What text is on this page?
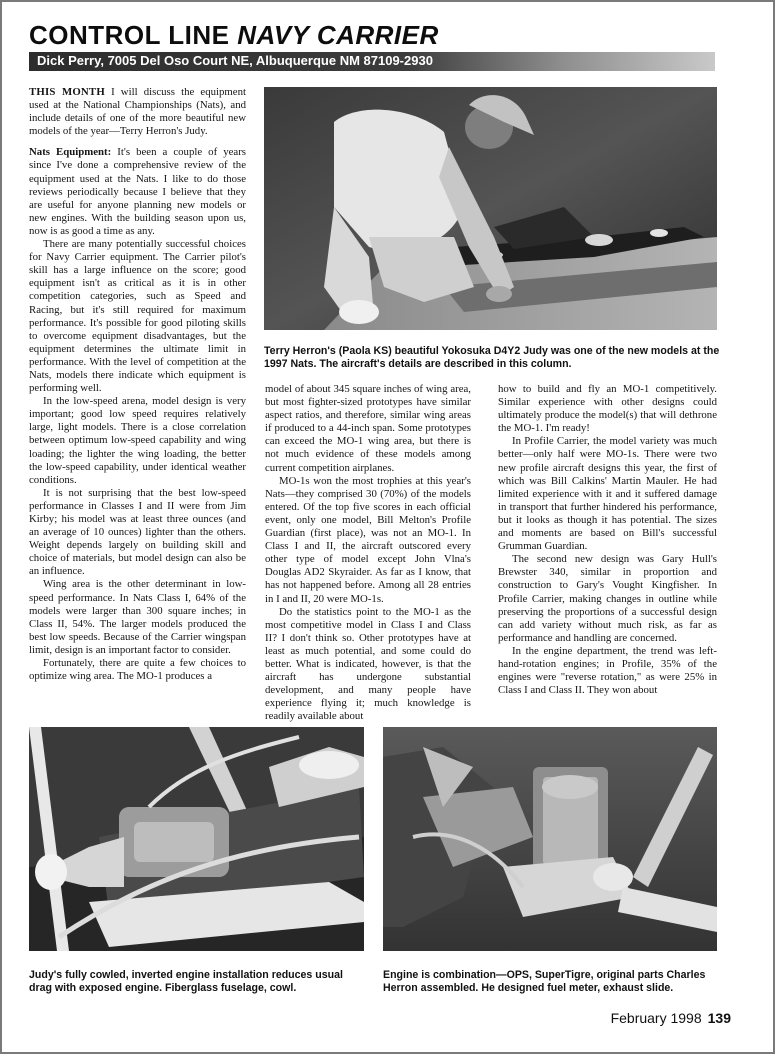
CONTROL LINE NAVY CARRIER
Dick Perry, 7005 Del Oso Court NE, Albuquerque NM 87109-2930

THIS MONTH I will discuss the equipment used at the National Championships (Nats), and include details of one of the more beautiful new models of the year—Terry Herron's Judy.

Nats Equipment: It's been a couple of years since I've done a comprehensive review of the equipment used at the Nats. I like to do those reviews periodically because I believe that they are useful for anyone planning new models or new engines. With the building season upon us, now is as good a time as any.

There are many potentially successful choices for Navy Carrier equipment. The Carrier pilot's skill has a large influence on the score; good equipment isn't as critical as it is in other competition categories, such as Speed and Racing, but it's still required for maximum performance. It's possible for good piloting skills to overcome equipment disadvantages, but the equipment determines the ultimate limit in performance. With the level of competition at the Nats, models there indicate which equipment is performing well.

In the low-speed arena, model design is very important; good low speed requires relatively large, light models. There is a close correlation between optimum low-speed capability and wing loading; the lighter the wing loading, the better the low-speed capability, under identical weather conditions.

It is not surprising that the best low-speed performance in Classes I and II were from Jim Kirby; his model was at least three ounces (and an average of 10 ounces) lighter than the others. Weight depends largely on building skill and choice of materials, but model design can also be an influence.

Wing area is the other determinant in low-speed performance. In Nats Class I, 64% of the models were larger than 300 square inches; in Class II, 54%. The larger models produced the best low speeds. Because of the Carrier wingspan limit, design is an important factor to consider.

Fortunately, there are quite a few choices to optimize wing area. The MO-1 produces a

Terry Herron's (Paola KS) beautiful Yokosuka D4Y2 Judy was one of the new models at the 1997 Nats. The aircraft's details are described in this column.

model of about 345 square inches of wing area, but most fighter-sized prototypes have similar aspect ratios, and therefore, similar wing areas if produced to a 44-inch span. Some prototypes can exceed the MO-1 wing area, but there is not much evidence of these models among current competition airplanes.

MO-1s won the most trophies at this year's Nats—they comprised 30 (70%) of the models entered. Of the top five scores in each official event, only one model, Bill Melton's Profile Guardian (first place), was not an MO-1. In Class I and II, the aircraft outscored every other type of model except John Vlna's Douglas AD2 Skyraider. As far as I know, that has not happened before. Among all 28 entries in I and II, 20 were MO-1s.

Do the statistics point to the MO-1 as the most competitive model in Class I and Class II? I don't think so. Other prototypes have at least as much potential, and some could do better. What is indicated, however, is that the aircraft has undergone substantial development, and many people have experience flying it; much knowledge is readily available about

how to build and fly an MO-1 competitively. Similar experience with other designs could ultimately produce the model(s) that will dethrone the MO-1. I'm ready!

In Profile Carrier, the model variety was much better—only half were MO-1s. There were two new profile aircraft designs this year, the first of which was Bill Calkins' Martin Mauler. He had limited experience with it and it suffered damage in transport that further hindered his performance, but it looks as though it has potential. The sizes and moments are based on Bill's successful Grumman Guardian.

The second new design was Gary Hull's Brewster 340, similar in proportion and construction to Gary's Vought Kingfisher. In Profile Carrier, making changes in outline while preserving the proportions of a successful design can add variety without much risk, as far as performance and handling are concerned.

In the engine department, the trend was left-hand-rotation engines; in Profile, 35% of the engines were "reverse rotation," as were 25% in Class I and Class II. They won about

Judy's fully cowled, inverted engine installation reduces usual drag with exposed engine. Fiberglass fuselage, cowl.
Engine is combination—OPS, SuperTigre, original parts Charles Herron assembled. He designed fuel meter, exhaust slide.
February 1998 139
